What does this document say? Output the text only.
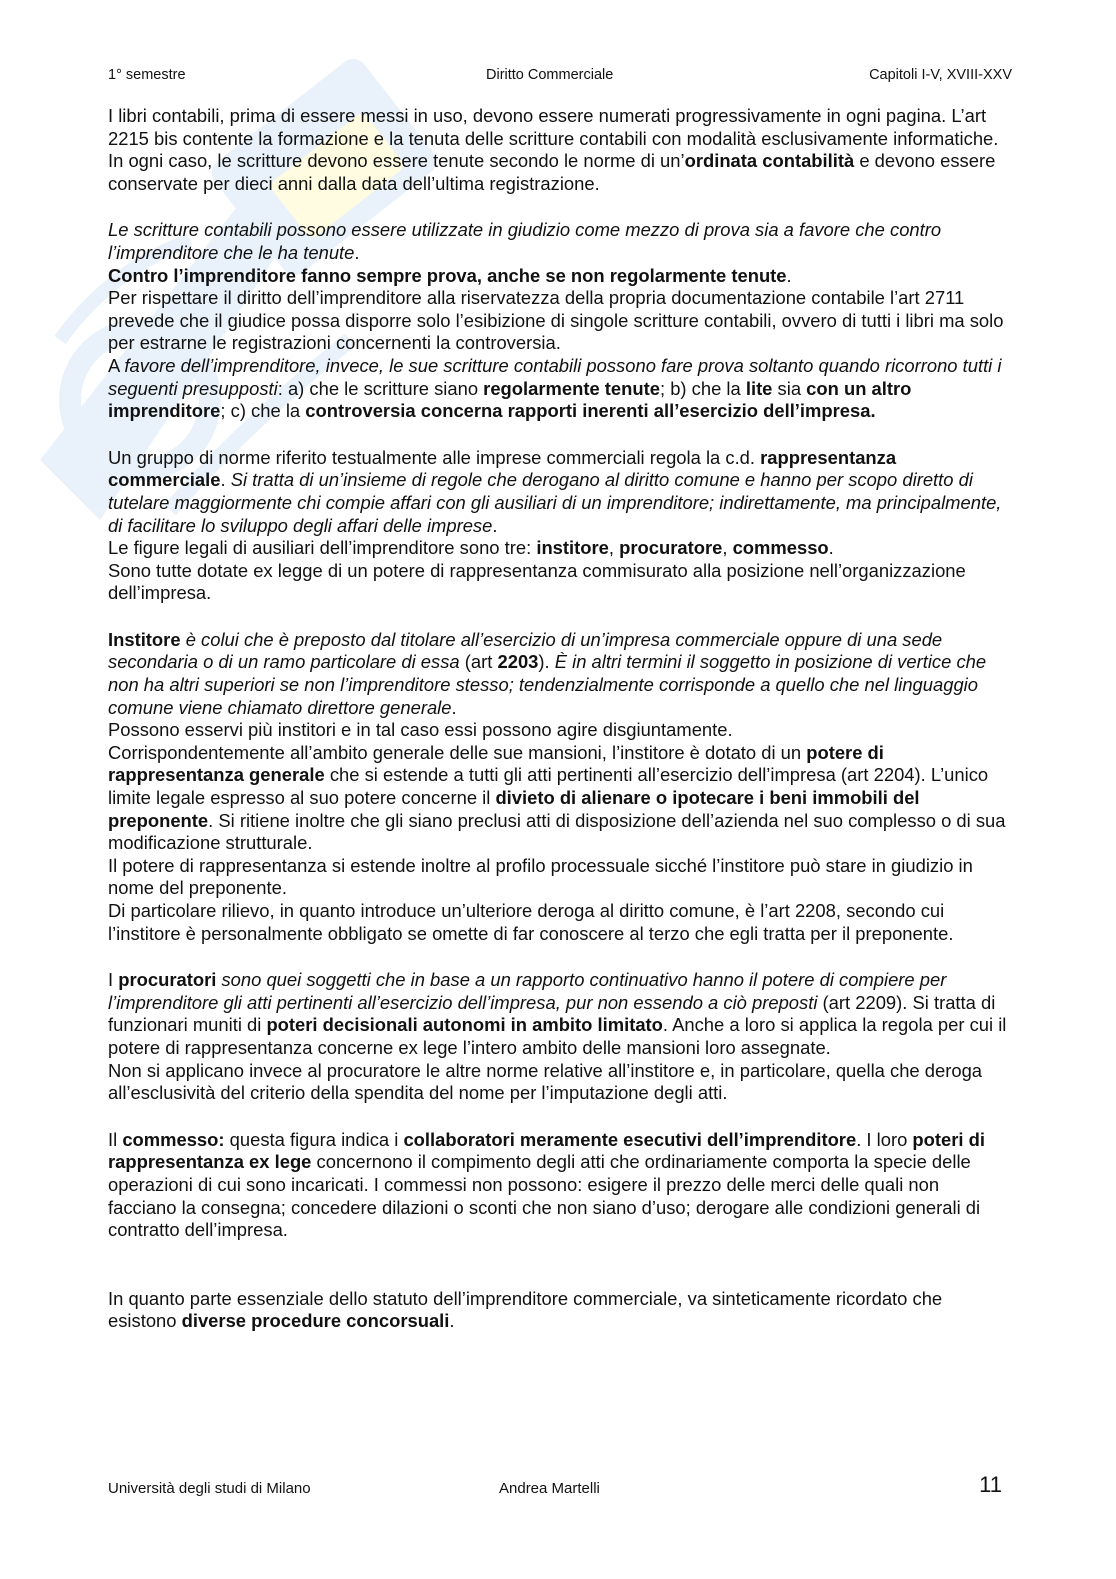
1° semestre	Diritto Commerciale	Capitoli I-V, XVIII-XXV

I libri contabili, prima di essere messi in uso, devono essere numerati progressivamente in ogni pagina. L’art 2215 bis contente la formazione e la tenuta delle scritture contabili con modalità esclusivamente informatiche.

In ogni caso, le scritture devono essere tenute secondo le norme di un’ordinata contabilità e devono essere conservate per dieci anni dalla data dell’ultima registrazione.

Le scritture contabili possono essere utilizzate in giudizio come mezzo di prova sia a favore che contro l’imprenditore che le ha tenute.

Contro l’imprenditore fanno sempre prova, anche se non regolarmente tenute.

Per rispettare il diritto dell’imprenditore alla riservatezza della propria documentazione contabile l’art 2711 prevede che il giudice possa disporre solo l’esibizione di singole scritture contabili, ovvero di tutti i libri ma solo per estrarne le registrazioni concernenti la controversia.

A favore dell’imprenditore, invece, le sue scritture contabili possono fare prova soltanto quando ricorrono tutti i seguenti presupposti: a) che le scritture siano regolarmente tenute; b) che la lite sia con un altro imprenditore; c) che la controversia concerna rapporti inerenti all’esercizio dell’impresa.

Un gruppo di norme riferito testualmente alle imprese commerciali regola la c.d. rappresentanza commerciale. Si tratta di un’insieme di regole che derogano al diritto comune e hanno per scopo diretto di tutelare maggiormente chi compie affari con gli ausiliari di un imprenditore; indirettamente, ma principalmente, di facilitare lo sviluppo degli affari delle imprese.

Le figure legali di ausiliari dell’imprenditore sono tre: institore, procuratore, commesso.

Sono tutte dotate ex legge di un potere di rappresentanza commisurato alla posizione nell’organizzazione dell’impresa.

Institore è colui che è preposto dal titolare all’esercizio di un’impresa commerciale oppure di una sede secondaria o di un ramo particolare di essa (art 2203). È in altri termini il soggetto in posizione di vertice che non ha altri superiori se non l’imprenditore stesso; tendenzialmente corrisponde a quello che nel linguaggio comune viene chiamato direttore generale.

Possono esservi più institori e in tal caso essi possono agire disgiuntamente.

Corrispondentemente all’ambito generale delle sue mansioni, l’institore è dotato di un potere di rappresentanza generale che si estende a tutti gli atti pertinenti all’esercizio dell’impresa (art 2204). L’unico limite legale espresso al suo potere concerne il divieto di alienare o ipotecare i beni immobili del preponente. Si ritiene inoltre che gli siano preclusi atti di disposizione dell’azienda nel suo complesso o di sua modificazione strutturale.

Il potere di rappresentanza si estende inoltre al profilo processuale sicché l’institore può stare in giudizio in nome del preponente.

Di particolare rilievo, in quanto introduce un’ulteriore deroga al diritto comune, è l’art 2208, secondo cui l’institore è personalmente obbligato se omette di far conoscere al terzo che egli tratta per il preponente.

I procuratori sono quei soggetti che in base a un rapporto continuativo hanno il potere di compiere per l’imprenditore gli atti pertinenti all’esercizio dell’impresa, pur non essendo a ciò preposti (art 2209). Si tratta di funzionari muniti di poteri decisionali autonomi in ambito limitato. Anche a loro si applica la regola per cui il potere di rappresentanza concerne ex lege l’intero ambito delle mansioni loro assegnate.

Non si applicano invece al procuratore le altre norme relative all’institore e, in particolare, quella che deroga all’esclusività del criterio della spendita del nome per l’imputazione degli atti.

Il commesso: questa figura indica i collaboratori meramente esecutivi dell’imprenditore. I loro poteri di rappresentanza ex lege concernono il compimento degli atti che ordinariamente comporta la specie delle operazioni di cui sono incaricati. I commessi non possono: esigere il prezzo delle merci delle quali non facciano la consegna; concedere dilazioni o sconti che non siano d’uso; derogare alle condizioni generali di contratto dell’impresa.

In quanto parte essenziale dello statuto dell’imprenditore commerciale, va sinteticamente ricordato che esistono diverse procedure concorsuali.

Università degli studi di Milano	Andrea Martelli	11
